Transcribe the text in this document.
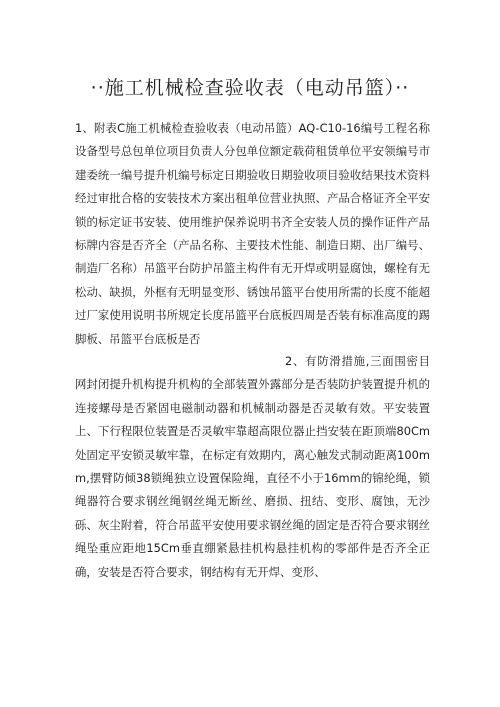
··施工机械检查验收表（电动吊篮）··

1、附表C施工机械检查验收表（电动吊篮）AQ-C10-16编号工程名称设备型号总包单位项目负责人分包单位额定载荷租赁单位平安领编号市建委统一编号提升机编号标定日期验收日期验收项目验收结果技术资料经过审批合格的安装技术方案出租单位营业执照、产品合格证齐全平安锁的标定证书安装、使用维护保养说明书齐全安装人员的操作证件产品标牌内容是否齐全（产品名称、主要技术性能、制造日期、出厂编号、制造厂名称）吊篮平台防护吊篮主构件有无开焊或明显腐蚀，螺栓有无松动、缺损，外框有无明显变形、锈蚀吊篮平台使用所需的长度不能超过厂家使用说明书所规定长度吊篮平台底板四周是否装有标准高度的踢脚板、吊篮平台底板是否

2、有防滑措施,三面围密目网封闭提升机构提升机构的全部装置外露部分是否装防护装置提升机的连接螺母是否紧固电磁制动器和机械制动器是否灵敏有效。平安装置上、下行程限位装置是否灵敏牢靠超高限位器止挡安装在距顶端80Cm处固定平安锁灵敏牢靠，在标定有效期内，离心触发式制动距离100mm,摆臂防倾38锁绳独立设置保险绳，直径不小于16mm的锦纶绳，锁绳器符合要求钢丝绳钢丝绳无断丝、磨损、扭结、变形、腐蚀，无沙砾、灰尘附着，符合吊蓝平安使用要求钢丝绳的固定是否符合要求钢丝绳坠重应距地15Cm垂直绷紧悬挂机构悬挂机构的零部件是否齐全正确，安装是否符合要求，钢结构有无开焊、变形、
